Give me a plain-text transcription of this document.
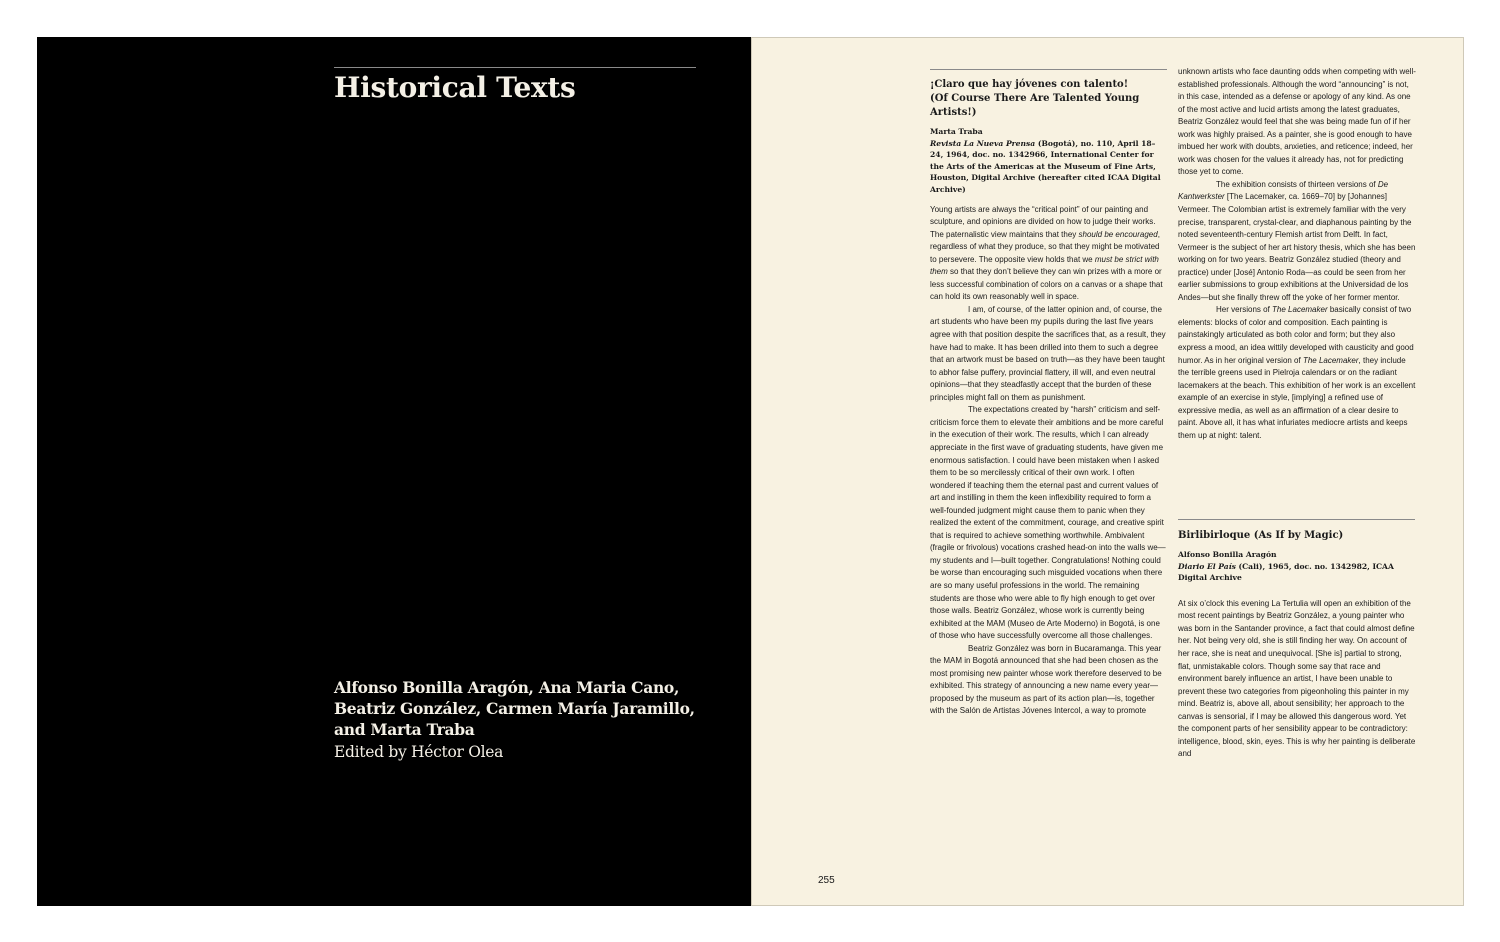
Historical Texts
Alfonso Bonilla Aragón, Ana Maria Cano, Beatriz González, Carmen María Jaramillo, and Marta Traba
Edited by Héctor Olea

¡Claro que hay jóvenes con talento!
(Of Course There Are Talented Young Artists!)

Marta Traba

Revista La Nueva Prensa (Bogotá), no. 110, April 18–24, 1964, doc. no. 1342966, International Center for the Arts of the Americas at the Museum of Fine Arts, Houston, Digital Archive (hereafter cited ICAA Digital Archive)

Young artists are always the “critical point” of our painting and sculpture, and opinions are divided on how to judge their works. The paternalistic view maintains that they should be encouraged, regardless of what they produce, so that they might be motivated to persevere. The opposite view holds that we must be strict with them so that they don’t believe they can win prizes with a more or less successful combination of colors on a canvas or a shape that can hold its own reasonably well in space.

I am, of course, of the latter opinion and, of course, the art students who have been my pupils during the last five years agree with that position despite the sacrifices that, as a result, they have had to make. It has been drilled into them to such a degree that an artwork must be based on truth—as they have been taught to abhor false puffery, provincial flattery, ill will, and even neutral opinions—that they steadfastly accept that the burden of these principles might fall on them as punishment.

The expectations created by “harsh” criticism and self-criticism force them to elevate their ambitions and be more careful in the execution of their work. The results, which I can already appreciate in the first wave of graduating students, have given me enormous satisfaction. I could have been mistaken when I asked them to be so mercilessly critical of their own work. I often wondered if teaching them the eternal past and current values of art and instilling in them the keen inflexibility required to form a well-founded judgment might cause them to panic when they realized the extent of the commitment, courage, and creative spirit that is required to achieve something worthwhile. Ambivalent (fragile or frivolous) vocations crashed head-on into the walls we—my students and I—built together. Congratulations! Nothing could be worse than encouraging such misguided vocations when there are so many useful professions in the world. The remaining students are those who were able to fly high enough to get over those walls. Beatriz González, whose work is currently being exhibited at the MAM (Museo de Arte Moderno) in Bogotá, is one of those who have successfully overcome all those challenges.

Beatriz González was born in Bucaramanga. This year the MAM in Bogotá announced that she had been chosen as the most promising new painter whose work therefore deserved to be exhibited. This strategy of announcing a new name every year—proposed by the museum as part of its action plan—is, together with the Salón de Artistas Jóvenes Intercol, a way to promote

unknown artists who face daunting odds when competing with well-established professionals. Although the word “announcing” is not, in this case, intended as a defense or apology of any kind. As one of the most active and lucid artists among the latest graduates, Beatriz González would feel that she was being made fun of if her work was highly praised. As a painter, she is good enough to have imbued her work with doubts, anxieties, and reticence; indeed, her work was chosen for the values it already has, not for predicting those yet to come.

The exhibition consists of thirteen versions of De Kantwerkster [The Lacemaker, ca. 1669–70] by [Johannes] Vermeer. The Colombian artist is extremely familiar with the very precise, transparent, crystal-clear, and diaphanous painting by the noted seventeenth-century Flemish artist from Delft. In fact, Vermeer is the subject of her art history thesis, which she has been working on for two years. Beatriz González studied (theory and practice) under [José] Antonio Roda—as could be seen from her earlier submissions to group exhibitions at the Universidad de los Andes—but she finally threw off the yoke of her former mentor.

Her versions of The Lacemaker basically consist of two elements: blocks of color and composition. Each painting is painstakingly articulated as both color and form; but they also express a mood, an idea wittily developed with causticity and good humor. As in her original version of The Lacemaker, they include the terrible greens used in Pielroja calendars or on the radiant lacemakers at the beach. This exhibition of her work is an excellent example of an exercise in style, [implying] a refined use of expressive media, as well as an affirmation of a clear desire to paint. Above all, it has what infuriates mediocre artists and keeps them up at night: talent.

Birlibirloque (As If by Magic)

Alfonso Bonilla Aragón

Diario El País (Cali), 1965, doc. no. 1342982, ICAA Digital Archive

At six o’clock this evening La Tertulia will open an exhibition of the most recent paintings by Beatriz González, a young painter who was born in the Santander province, a fact that could almost define her. Not being very old, she is still finding her way. On account of her race, she is neat and unequivocal. [She is] partial to strong, flat, unmistakable colors. Though some say that race and environment barely influence an artist, I have been unable to prevent these two categories from pigeonholing this painter in my mind. Beatriz is, above all, about sensibility; her approach to the canvas is sensorial, if I may be allowed this dangerous word. Yet the component parts of her sensibility appear to be contradictory: intelligence, blood, skin, eyes. This is why her painting is deliberate and

255
